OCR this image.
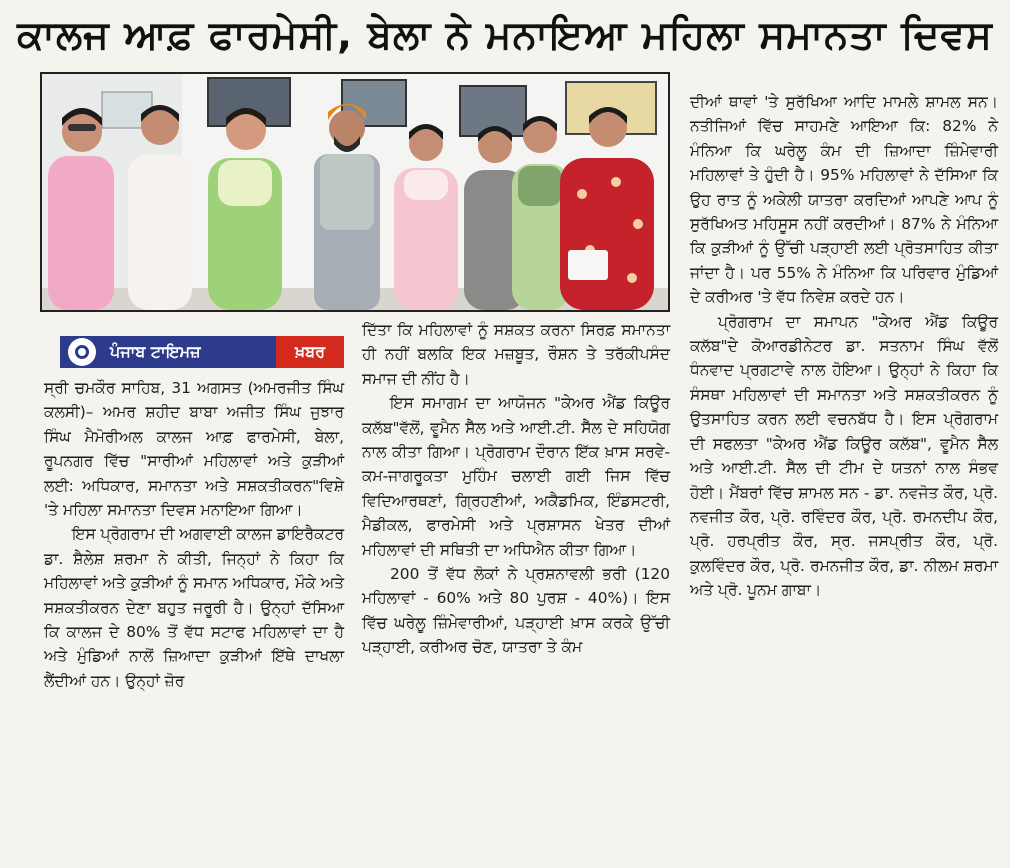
ਕਾਲਜ ਆਫ਼ ਫਾਰਮੇਸੀ, ਬੇਲਾ ਨੇ ਮਨਾਇਆ ਮਹਿਲਾ ਸਮਾਨਤਾ ਦਿਵਸ
ਪੰਜਾਬ ਟਾਇਮਜ਼	ਖ਼ਬਰ

ਸ੍ਰੀ ਚਮਕੌਰ ਸਾਹਿਬ, 31 ਅਗਸਤ (ਅਮਰਜੀਤ ਸਿੰਘ ਕਲਸੀ)– ਅਮਰ ਸ਼ਹੀਦ ਬਾਬਾ ਅਜੀਤ ਸਿੰਘ ਜੁਝਾਰ ਸਿੰਘ ਮੈਮੋਰੀਅਲ ਕਾਲਜ ਆਫ਼ ਫਾਰਮੇਸੀ, ਬੇਲਾ, ਰੂਪਨਗਰ ਵਿੱਚ "ਸਾਰੀਆਂ ਮਹਿਲਾਵਾਂ ਅਤੇ ਕੁੜੀਆਂ ਲਈ: ਅਧਿਕਾਰ, ਸਮਾਨਤਾ ਅਤੇ ਸਸ਼ਕਤੀਕਰਨ"ਵਿਸ਼ੇ 'ਤੇ ਮਹਿਲਾ ਸਮਾਨਤਾ ਦਿਵਸ ਮਨਾਇਆ ਗਿਆ।

ਇਸ ਪ੍ਰੋਗਰਾਮ ਦੀ ਅਗਵਾਈ ਕਾਲਜ ਡਾਇਰੈਕਟਰ ਡਾ. ਸ਼ੈਲੇਸ਼ ਸ਼ਰਮਾ ਨੇ ਕੀਤੀ, ਜਿਨ੍ਹਾਂ ਨੇ ਕਿਹਾ ਕਿ ਮਹਿਲਾਵਾਂ ਅਤੇ ਕੁੜੀਆਂ ਨੂੰ ਸਮਾਨ ਅਧਿਕਾਰ, ਮੌਕੇ ਅਤੇ ਸਸ਼ਕਤੀਕਰਨ ਦੇਣਾ ਬਹੁਤ ਜਰੂਰੀ ਹੈ। ਉਨ੍ਹਾਂ ਦੱਸਿਆ ਕਿ ਕਾਲਜ ਦੇ 80% ਤੋਂ ਵੱਧ ਸਟਾਫ ਮਹਿਲਾਵਾਂ ਦਾ ਹੈ ਅਤੇ ਮੁੰਡਿਆਂ ਨਾਲੋਂ ਜ਼ਿਆਦਾ ਕੁੜੀਆਂ ਇੱਥੇ ਦਾਖਲਾ ਲੈਂਦੀਆਂ ਹਨ। ਉਨ੍ਹਾਂ ਜ਼ੋਰ

ਦਿੱਤਾ ਕਿ ਮਹਿਲਾਵਾਂ ਨੂੰ ਸਸ਼ਕਤ ਕਰਨਾ ਸਿਰਫ਼ ਸਮਾਨਤਾ ਹੀ ਨਹੀਂ ਬਲਕਿ ਇਕ ਮਜ਼ਬੂਤ, ਰੌਸ਼ਨ ਤੇ ਤਰੱਕੀਪਸੰਦ ਸਮਾਜ ਦੀ ਨੀਂਹ ਹੈ।

ਇਸ ਸਮਾਗਮ ਦਾ ਆਯੋਜਨ "ਕੇਅਰ ਐਂਡ ਕਿਊਰ ਕਲੱਬ"ਵੱਲੋਂ, ਵੂਮੈਨ ਸੈੱਲ ਅਤੇ ਆਈ.ਟੀ. ਸੈੱਲ ਦੇ ਸਹਿਯੋਗ ਨਾਲ ਕੀਤਾ ਗਿਆ। ਪ੍ਰੋਗਰਾਮ ਦੌਰਾਨ ਇੱਕ ਖ਼ਾਸ ਸਰਵੇ-ਕਮ-ਜਾਗਰੂਕਤਾ ਮੁਹਿੰਮ ਚਲਾਈ ਗਈ ਜਿਸ ਵਿੱਚ ਵਿਦਿਆਰਥਣਾਂ, ਗ੍ਰਿਹਣੀਆਂ, ਅਕੈਡਮਿਕ, ਇੰਡਸਟਰੀ, ਮੈਡੀਕਲ, ਫਾਰਮੇਸੀ ਅਤੇ ਪ੍ਰਸ਼ਾਸਨ ਖੇਤਰ ਦੀਆਂ ਮਹਿਲਾਵਾਂ ਦੀ ਸਥਿਤੀ ਦਾ ਅਧਿਐਨ ਕੀਤਾ ਗਿਆ।

200 ਤੋਂ ਵੱਧ ਲੋਕਾਂ ਨੇ ਪ੍ਰਸ਼ਨਾਵਲੀ ਭਰੀ (120 ਮਹਿਲਾਵਾਂ - 60% ਅਤੇ 80 ਪੁਰਸ਼ - 40%)। ਇਸ ਵਿੱਚ ਘਰੇਲੂ ਜ਼ਿੰਮੇਵਾਰੀਆਂ, ਪੜ੍ਹਾਈ ਖ਼ਾਸ ਕਰਕੇ ਉੱਚੀ ਪੜ੍ਹਾਈ, ਕਰੀਅਰ ਚੋਣ, ਯਾਤਰਾ ਤੇ ਕੰਮ

ਦੀਆਂ ਥਾਵਾਂ 'ਤੇ ਸੁਰੱਖਿਆ ਆਦਿ ਮਾਮਲੇ ਸ਼ਾਮਲ ਸਨ। ਨਤੀਜਿਆਂ ਵਿੱਚ ਸਾਹਮਣੇ ਆਇਆ ਕਿ: 82% ਨੇ ਮੰਨਿਆ ਕਿ ਘਰੇਲੂ ਕੰਮ ਦੀ ਜ਼ਿਆਦਾ ਜ਼ਿੰਮੇਵਾਰੀ ਮਹਿਲਾਵਾਂ ਤੇ ਹੁੰਦੀ ਹੈ। 95% ਮਹਿਲਾਵਾਂ ਨੇ ਦੱਸਿਆ ਕਿ ਉਹ ਰਾਤ ਨੂੰ ਅਕੇਲੀ ਯਾਤਰਾ ਕਰਦਿਆਂ ਆਪਣੇ ਆਪ ਨੂੰ ਸੁਰੱਖਿਅਤ ਮਹਿਸੂਸ ਨਹੀਂ ਕਰਦੀਆਂ। 87% ਨੇ ਮੰਨਿਆ ਕਿ ਕੁੜੀਆਂ ਨੂੰ ਉੱਚੀ ਪੜ੍ਹਾਈ ਲਈ ਪ੍ਰੋਤਸਾਹਿਤ ਕੀਤਾ ਜਾਂਦਾ ਹੈ। ਪਰ 55% ਨੇ ਮੰਨਿਆ ਕਿ ਪਰਿਵਾਰ ਮੁੰਡਿਆਂ ਦੇ ਕਰੀਅਰ 'ਤੇ ਵੱਧ ਨਿਵੇਸ਼ ਕਰਦੇ ਹਨ।

ਪ੍ਰੋਗਰਾਮ ਦਾ ਸਮਾਪਨ "ਕੇਅਰ ਐਂਡ ਕਿਊਰ ਕਲੱਬ"ਦੇ ਕੋਆਰਡੀਨੇਟਰ ਡਾ. ਸਤਨਾਮ ਸਿੰਘ ਵੱਲੋਂ ਧੰਨਵਾਦ ਪ੍ਰਗਟਾਵੇ ਨਾਲ ਹੋਇਆ। ਉਨ੍ਹਾਂ ਨੇ ਕਿਹਾ ਕਿ ਸੰਸਥਾ ਮਹਿਲਾਵਾਂ ਦੀ ਸਮਾਨਤਾ ਅਤੇ ਸਸ਼ਕਤੀਕਰਨ ਨੂੰ ਉਤਸਾਹਿਤ ਕਰਨ ਲਈ ਵਚਨਬੱਧ ਹੈ। ਇਸ ਪ੍ਰੋਗਰਾਮ ਦੀ ਸਫਲਤਾ "ਕੇਅਰ ਐਂਡ ਕਿਊਰ ਕਲੱਬ", ਵੂਮੈਨ ਸੈੱਲ ਅਤੇ ਆਈ.ਟੀ. ਸੈੱਲ ਦੀ ਟੀਮ ਦੇ ਯਤਨਾਂ ਨਾਲ ਸੰਭਵ ਹੋਈ। ਮੈਂਬਰਾਂ ਵਿੱਚ ਸ਼ਾਮਲ ਸਨ - ਡਾ. ਨਵਜੋਤ ਕੌਰ, ਪ੍ਰੋ. ਨਵਜੀਤ ਕੌਰ, ਪ੍ਰੋ. ਰਵਿੰਦਰ ਕੌਰ, ਪ੍ਰੋ. ਰਮਨਦੀਪ ਕੌਰ, ਪ੍ਰੋ. ਹਰਪ੍ਰੀਤ ਕੌਰ, ਸ੍ਰ. ਜਸਪ੍ਰੀਤ ਕੌਰ, ਪ੍ਰੋ. ਕੁਲਵਿੰਦਰ ਕੌਰ, ਪ੍ਰੋ. ਰਮਨਜੀਤ ਕੌਰ, ਡਾ. ਨੀਲਮ ਸ਼ਰਮਾ ਅਤੇ ਪ੍ਰੋ. ਪੂਨਮ ਗਾਬਾ।
